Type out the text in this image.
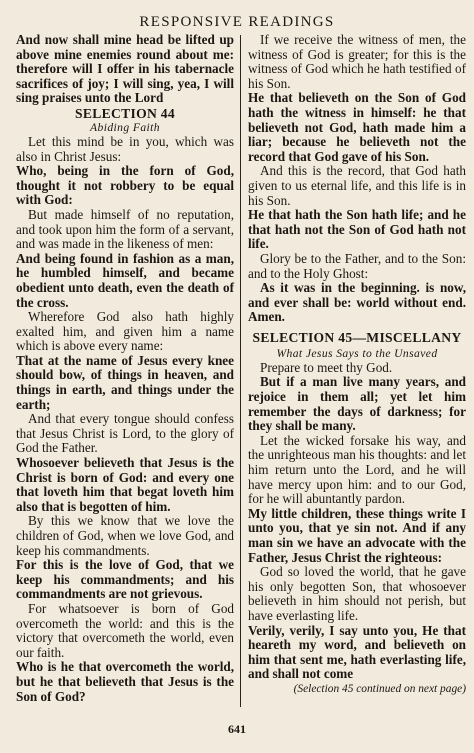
RESPONSIVE READINGS

And now shall mine head be lifted up above mine enemies round about me: therefore will I offer in his tabernacle sacrifices of joy; I will sing, yea, I will sing praises unto the Lord

SELECTION 44
Abiding Faith

Let this mind be in you, which was also in Christ Jesus:

Who, being in the forn of God, thought it not robbery to be equal with God:

But made himself of no reputation, and took upon him the form of a servant, and was made in the likeness of men:

And being found in fashion as a man, he humbled himself, and became obedient unto death, even the death of the cross.

Wherefore God also hath highly exalted him, and given him a name which is above every name:

That at the name of Jesus every knee should bow, of things in heaven, and things in earth, and things under the earth;

And that every tongue should confess that Jesus Christ is Lord, to the glory of God the Father.

Whosoever believeth that Jesus is the Christ is born of God: and every one that loveth him that begat loveth him also that is begotten of him.

By this we know that we love the children of God, when we love God, and keep his commandments.

For this is the love of God, that we keep his commandments; and his commandments are not grievous.

For whatsoever is born of God overcometh the world: and this is the victory that overcometh the world, even our faith.

Who is he that overcometh the world, but he that believeth that Jesus is the Son of God?

If we receive the witness of men, the witness of God is greater; for this is the witness of God which he hath testified of his Son.

He that believeth on the Son of God hath the witness in himself: he that believeth not God, hath made him a liar; because he believeth not the record that God gave of his Son.

And this is the record, that God hath given to us eternal life, and this life is in his Son.

He that hath the Son hath life; and he that hath not the Son of God hath not life.

Glory be to the Father, and to the Son: and to the Holy Ghost:

As it was in the beginning. is now, and ever shall be: world without end. Amen.

SELECTION 45—MISCELLANY
What Jesus Says to the Unsaved

Prepare to meet thy God.

But if a man live many years, and rejoice in them all; yet let him remember the days of darkness; for they shall be many.

Let the wicked forsake his way, and the unrighteous man his thoughts: and let him return unto the Lord, and he will have mercy upon him: and to our God, for he will abuntantly pardon.

My little children, these things write I unto you, that ye sin not. And if any man sin we have an advocate with the Father, Jesus Christ the righteous:

God so loved the world, that he gave his only begotten Son, that whosoever believeth in him should not perish, but have everlasting life.

Verily, verily, I say unto you, He that heareth my word, and believeth on him that sent me, hath everlasting life, and shall not come

(Selection 45 continued on next page)

641
